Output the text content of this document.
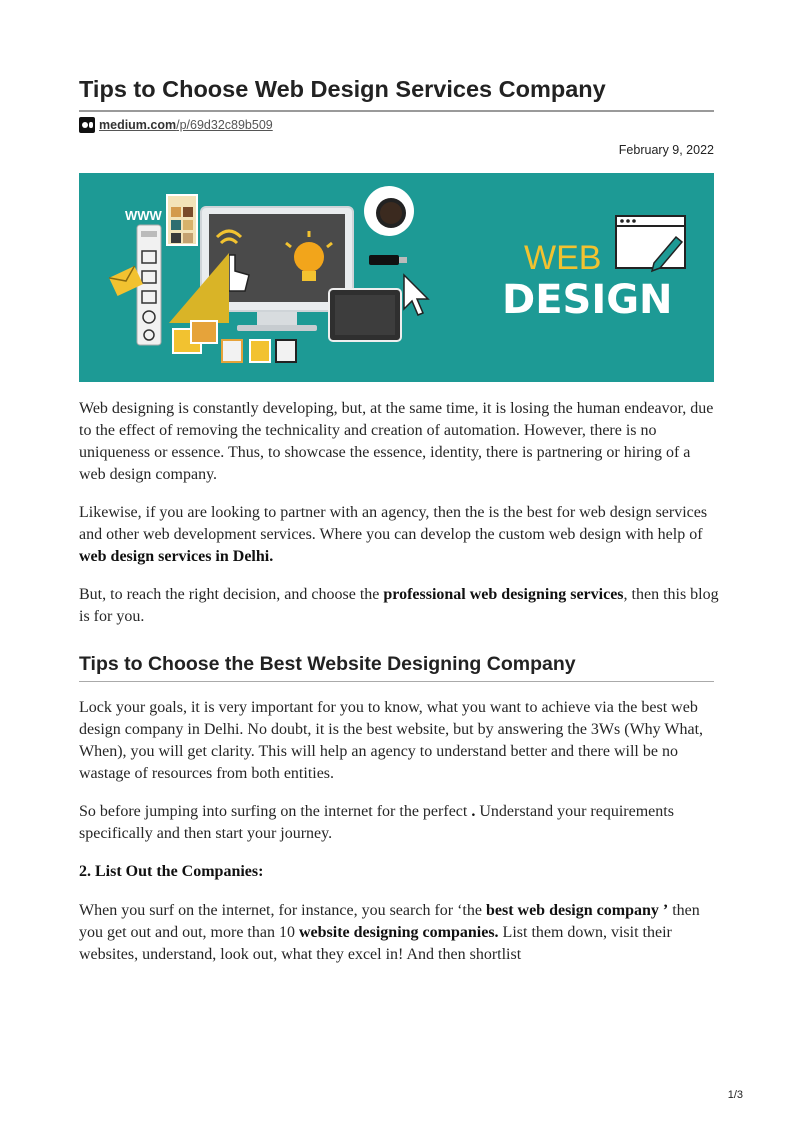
Tips to Choose Web Design Services Company
medium.com/p/69d32c89b509
February 9, 2022
WWW
WEB
DESIGN

Web designing is constantly developing, but, at the same time, it is losing the human endeavor, due to the effect of removing the technicality and creation of automation. However, there is no uniqueness or essence. Thus, to showcase the essence, identity, there is partnering or hiring of a web design company.

Likewise, if you are looking to partner with an agency, then the is the best for web design services and other web development services. Where you can develop the custom web design with help of web design services in Delhi.

But, to reach the right decision, and choose the professional web designing services, then this blog is for you.

Tips to Choose the Best Website Designing Company

Lock your goals, it is very important for you to know, what you want to achieve via the best web design company in Delhi. No doubt, it is the best website, but by answering the 3Ws (Why What, When), you will get clarity. This will help an agency to understand better and there will be no wastage of resources from both entities.

So before jumping into surfing on the internet for the perfect . Understand your requirements specifically and then start your journey.

2. List Out the Companies:

When you surf on the internet, for instance, you search for ‘the best web design company ’ then you get out and out, more than 10 website designing companies. List them down, visit their websites, understand, look out, what they excel in! And then shortlist

1/3
